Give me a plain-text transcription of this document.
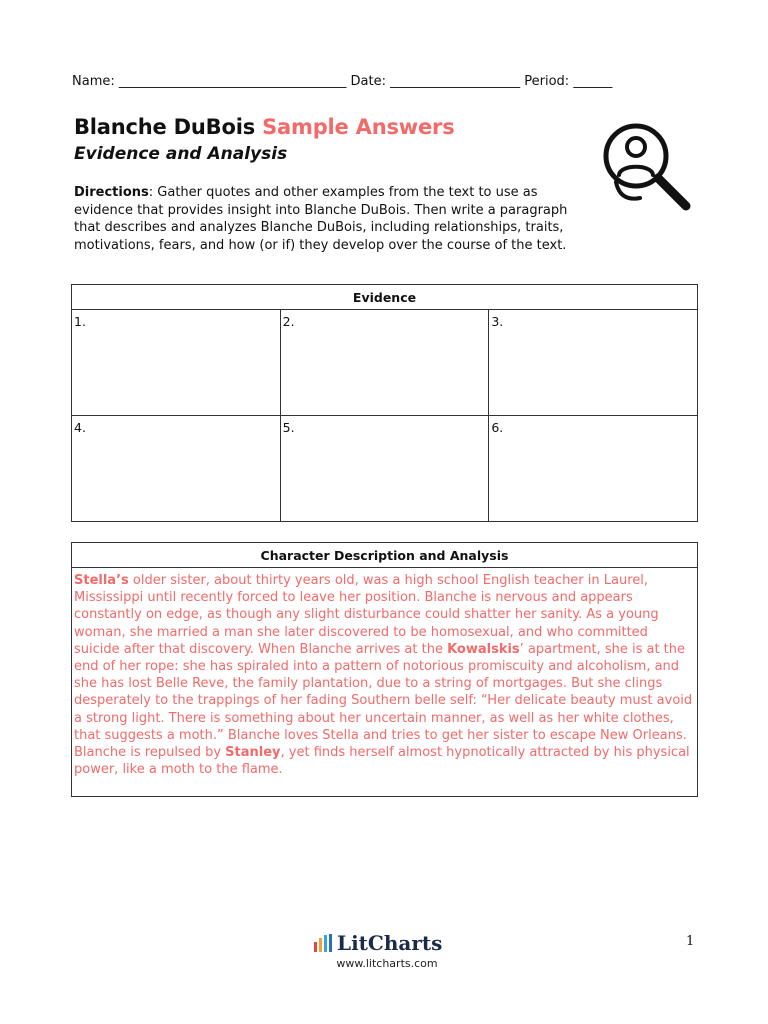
Name: ___________________________________ Date: ____________________ Period: ______
Blanche DuBois Sample Answers
Evidence and Analysis
Directions: Gather quotes and other examples from the text to use as evidence that provides insight into Blanche DuBois. Then write a paragraph that describes and analyzes Blanche DuBois, including relationships, traits, motivations, fears, and how (or if) they develop over the course of the text.
Evidence		
1.	2.	3.
4.	5.	6.
Character Description and Analysis
Stella’s older sister, about thirty years old, was a high school English teacher in Laurel, Mississippi until recently forced to leave her position. Blanche is nervous and appears constantly on edge, as though any slight disturbance could shatter her sanity. As a young woman, she married a man she later discovered to be homosexual, and who committed suicide after that discovery. When Blanche arrives at the Kowalskis’ apartment, she is at the end of her rope: she has spiraled into a pattern of notorious promiscuity and alcoholism, and she has lost Belle Reve, the family plantation, due to a string of mortgages. But she clings desperately to the trappings of her fading Southern belle self: “Her delicate beauty must avoid a strong light. There is something about her uncertain manner, as well as her white clothes, that suggests a moth.” Blanche loves Stella and tries to get her sister to escape New Orleans. Blanche is repulsed by Stanley, yet finds herself almost hypnotically attracted by his physical power, like a moth to the flame.
LitCharts
www.litcharts.com
1
